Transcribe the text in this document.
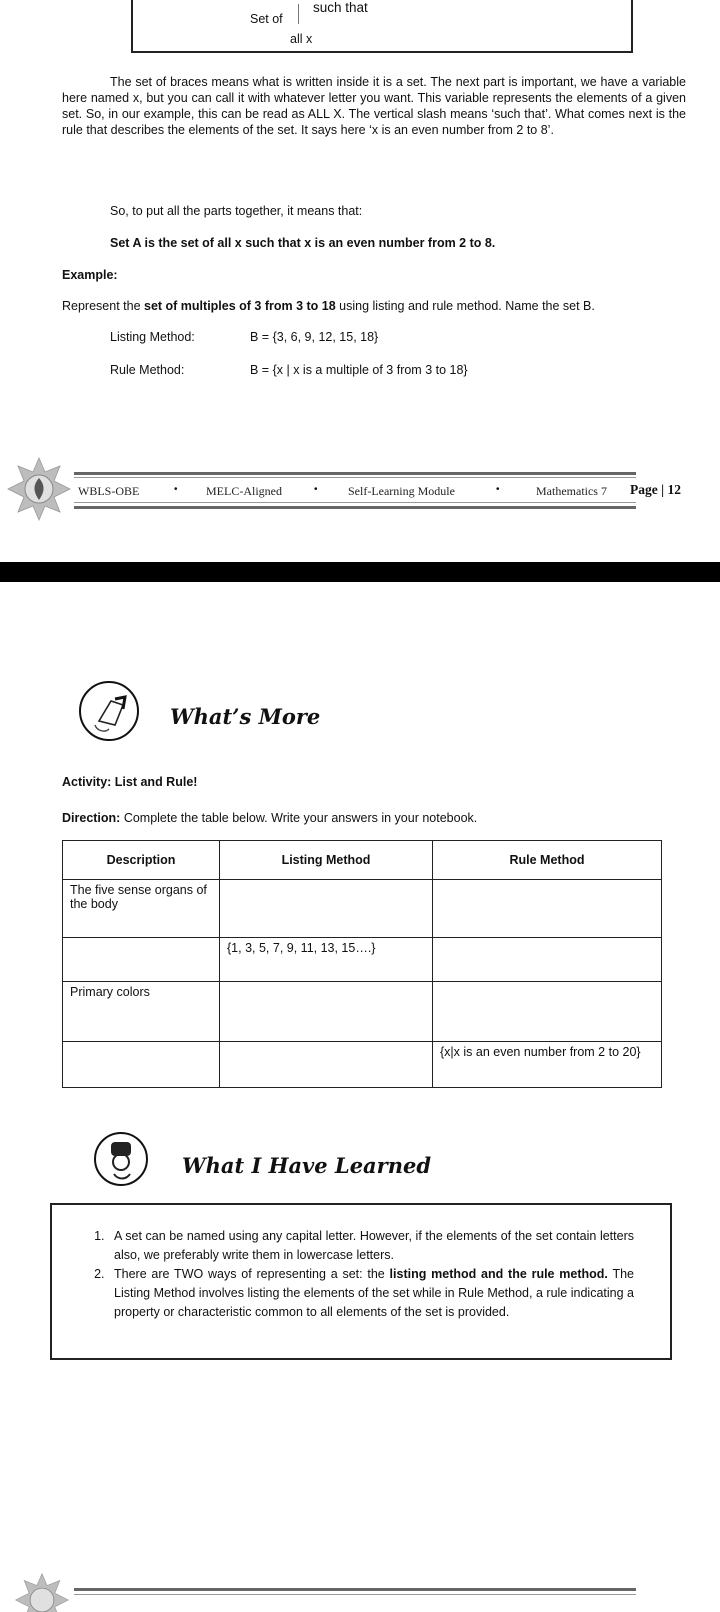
Set of
such that
all x
The set of braces means what is written inside it is a set. The next part is important, we have a variable here named x, but you can call it with whatever letter you want. This variable represents the elements of a given set. So, in our example, this can be read as ALL X. The vertical slash means ‘such that’. What comes next is the rule that describes the elements of the set. It says here ‘x is an even number from 2 to 8’.
So, to put all the parts together, it means that:
Set A is the set of all x such that x is an even number from 2 to 8.
Example:
Represent the set of multiples of 3 from 3 to 18 using listing and rule method. Name the set B.
Listing Method:	B = {3, 6, 9, 12, 15, 18}
Rule Method:	B = {x | x is a multiple of 3 from 3 to 18}
WBLS-OBE	• MELC-Aligned	•	Self-Learning Module	•	Mathematics 7 Page | 12
What’s More
Activity: List and Rule!
Direction: Complete the table below. Write your answers in your notebook.
Description	Listing Method	Rule Method
The five sense organs of the body		
	{1, 3, 5, 7, 9, 11, 13, 15….}	
Primary colors		
		{x|x is an even number from 2 to 20}
What I Have Learned
1. A set can be named using any capital letter. However, if the elements of the set contain letters also, we preferably write them in lowercase letters.
2. There are TWO ways of representing a set: the listing method and the rule method. The Listing Method involves listing the elements of the set while in Rule Method, a rule indicating a property or characteristic common to all elements of the set is provided.
